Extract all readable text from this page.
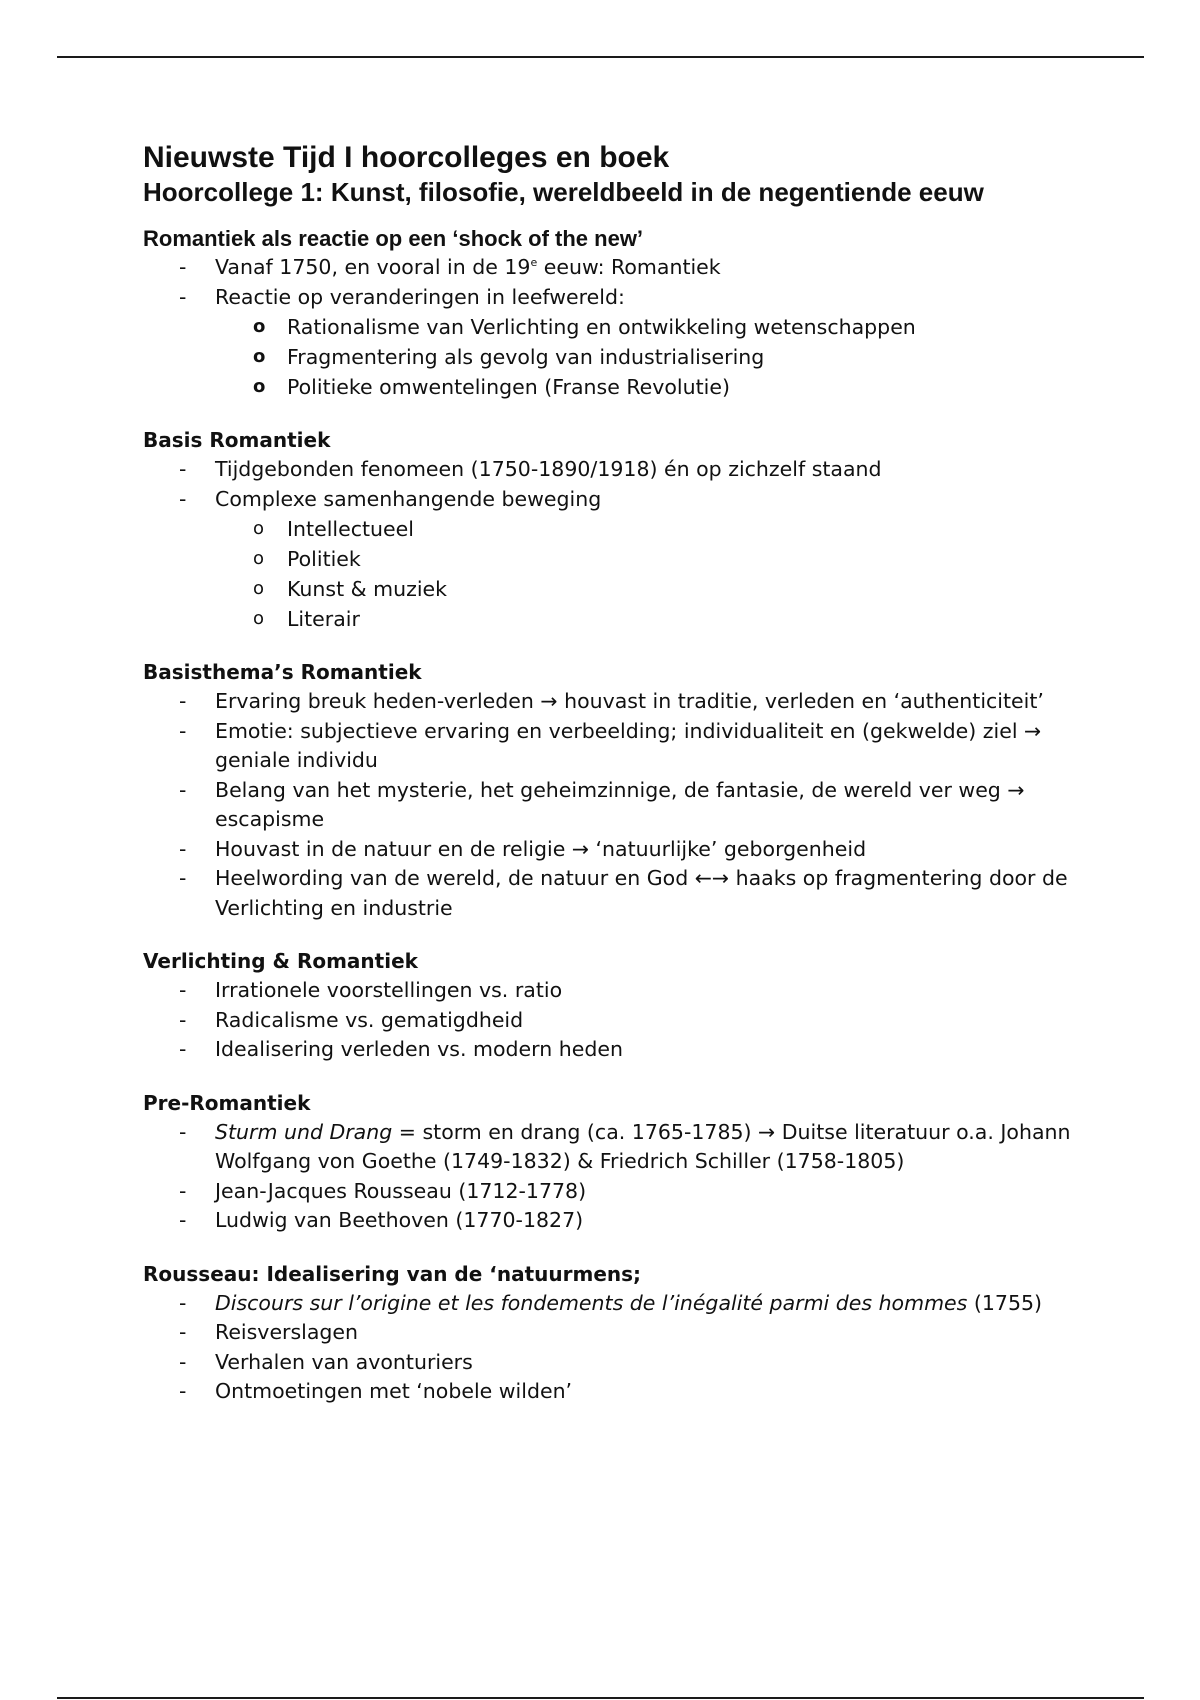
Nieuwste Tijd I hoorcolleges en boek
Hoorcollege 1: Kunst, filosofie, wereldbeeld in de negentiende eeuw
Romantiek als reactie op een ‘shock of the new’
-	Vanaf 1750, en vooral in de 19e eeuw: Romantiek
-	Reactie op veranderingen in leefwereld:
o	Rationalisme van Verlichting en ontwikkeling wetenschappen
o	Fragmentering als gevolg van industrialisering
o	Politieke omwentelingen (Franse Revolutie)
Basis Romantiek
-	Tijdgebonden fenomeen (1750-1890/1918) én op zichzelf staand
-	Complexe samenhangende beweging
o	Intellectueel
o	Politiek
o	Kunst & muziek
o	Literair
Basisthema’s Romantiek
-	Ervaring breuk heden-verleden → houvast in traditie, verleden en ‘authenticiteit’
-	Emotie: subjectieve ervaring en verbeelding; individualiteit en (gekwelde) ziel → geniale individu
-	Belang van het mysterie, het geheimzinnige, de fantasie, de wereld ver weg → escapisme
-	Houvast in de natuur en de religie → ‘natuurlijke’ geborgenheid
-	Heelwording van de wereld, de natuur en God ←→ haaks op fragmentering door de Verlichting en industrie
Verlichting & Romantiek
-	Irrationele voorstellingen vs. ratio
-	Radicalisme vs. gematigdheid
-	Idealisering verleden vs. modern heden
Pre-Romantiek
-	Sturm und Drang = storm en drang (ca. 1765-1785) → Duitse literatuur o.a. Johann Wolfgang von Goethe (1749-1832) & Friedrich Schiller (1758-1805)
-	Jean-Jacques Rousseau (1712-1778)
-	Ludwig van Beethoven (1770-1827)
Rousseau: Idealisering van de ‘natuurmens;
-	Discours sur l’origine et les fondements de l’inégalité parmi des hommes (1755)
-	Reisverslagen
-	Verhalen van avonturiers
-	Ontmoetingen met ‘nobele wilden’
